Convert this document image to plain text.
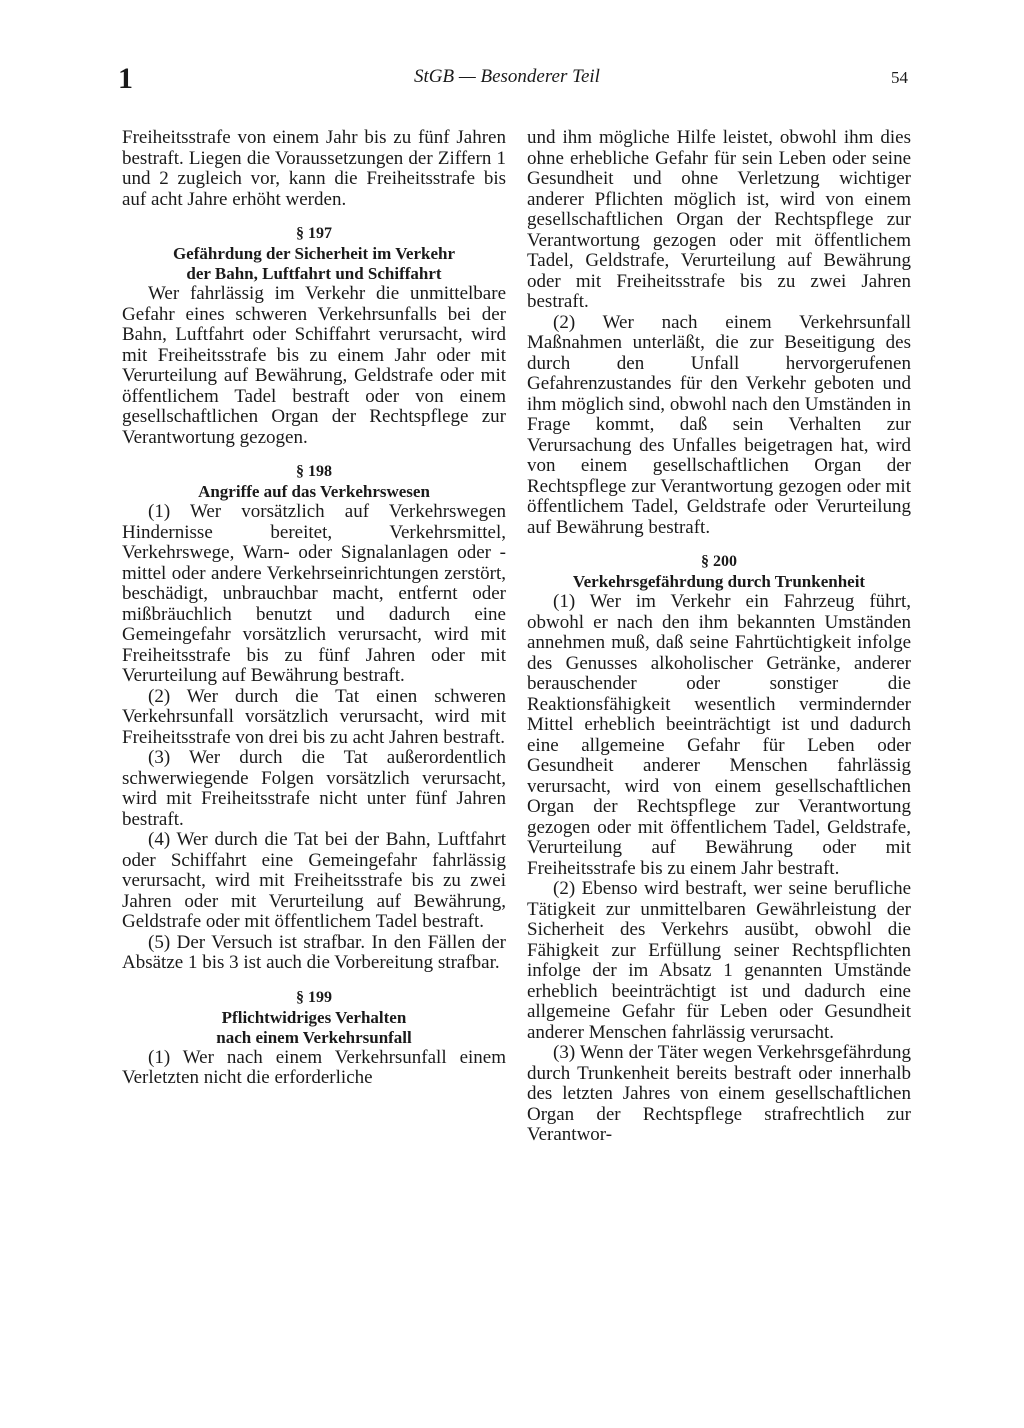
1	StGB — Besonderer Teil	54

Freiheitsstrafe von einem Jahr bis zu fünf Jahren bestraft. Liegen die Voraussetzungen der Ziffern 1 und 2 zugleich vor, kann die Freiheitsstrafe bis auf acht Jahre erhöht werden.

§ 197
Gefährdung der Sicherheit im Verkehr
der Bahn, Luftfahrt und Schiffahrt

Wer fahrlässig im Verkehr die unmittelbare Gefahr eines schweren Verkehrsunfalls bei der Bahn, Luftfahrt oder Schiffahrt verursacht, wird mit Freiheitsstrafe bis zu einem Jahr oder mit Verurteilung auf Bewährung, Geldstrafe oder mit öffentlichem Tadel bestraft oder von einem gesellschaftlichen Organ der Rechtspflege zur Verantwortung gezogen.

§ 198
Angriffe auf das Verkehrswesen

(1) Wer vorsätzlich auf Verkehrswegen Hindernisse bereitet, Verkehrsmittel, Verkehrswege, Warn- oder Signalanlagen oder -mittel oder andere Verkehrseinrichtungen zerstört, beschädigt, unbrauchbar macht, entfernt oder mißbräuchlich benutzt und dadurch eine Gemeingefahr vorsätzlich verursacht, wird mit Freiheitsstrafe bis zu fünf Jahren oder mit Verurteilung auf Bewährung bestraft.

(2) Wer durch die Tat einen schweren Verkehrsunfall vorsätzlich verursacht, wird mit Freiheitsstrafe von drei bis zu acht Jahren bestraft.

(3) Wer durch die Tat außerordentlich schwerwiegende Folgen vorsätzlich verursacht, wird mit Freiheitsstrafe nicht unter fünf Jahren bestraft.

(4) Wer durch die Tat bei der Bahn, Luftfahrt oder Schiffahrt eine Gemeingefahr fahrlässig verursacht, wird mit Freiheitsstrafe bis zu zwei Jahren oder mit Verurteilung auf Bewährung, Geldstrafe oder mit öffentlichem Tadel bestraft.

(5) Der Versuch ist strafbar. In den Fällen der Absätze 1 bis 3 ist auch die Vorbereitung strafbar.

§ 199
Pflichtwidriges Verhalten
nach einem Verkehrsunfall

(1) Wer nach einem Verkehrsunfall einem Verletzten nicht die erforderliche

und ihm mögliche Hilfe leistet, obwohl ihm dies ohne erhebliche Gefahr für sein Leben oder seine Gesundheit und ohne Verletzung wichtiger anderer Pflichten möglich ist, wird von einem gesellschaftlichen Organ der Rechtspflege zur Verantwortung gezogen oder mit öffentlichem Tadel, Geldstrafe, Verurteilung auf Bewährung oder mit Freiheitsstrafe bis zu zwei Jahren bestraft.

(2) Wer nach einem Verkehrsunfall Maßnahmen unterläßt, die zur Beseitigung des durch den Unfall hervorgerufenen Gefahrenzustandes für den Verkehr geboten und ihm möglich sind, obwohl nach den Umständen in Frage kommt, daß sein Verhalten zur Verursachung des Unfalles beigetragen hat, wird von einem gesellschaftlichen Organ der Rechtspflege zur Verantwortung gezogen oder mit öffentlichem Tadel, Geldstrafe oder Verurteilung auf Bewährung bestraft.

§ 200
Verkehrsgefährdung durch Trunkenheit

(1) Wer im Verkehr ein Fahrzeug führt, obwohl er nach den ihm bekannten Umständen annehmen muß, daß seine Fahrtüchtigkeit infolge des Genusses alkoholischer Getränke, anderer berauschender oder sonstiger die Reaktionsfähigkeit wesentlich vermindernder Mittel erheblich beeinträchtigt ist und dadurch eine allgemeine Gefahr für Leben oder Gesundheit anderer Menschen fahrlässig verursacht, wird von einem gesellschaftlichen Organ der Rechtspflege zur Verantwortung gezogen oder mit öffentlichem Tadel, Geldstrafe, Verurteilung auf Bewährung oder mit Freiheitsstrafe bis zu einem Jahr bestraft.

(2) Ebenso wird bestraft, wer seine berufliche Tätigkeit zur unmittelbaren Gewährleistung der Sicherheit des Verkehrs ausübt, obwohl die Fähigkeit zur Erfüllung seiner Rechtspflichten infolge der im Absatz 1 genannten Umstände erheblich beeinträchtigt ist und dadurch eine allgemeine Gefahr für Leben oder Gesundheit anderer Menschen fahrlässig verursacht.

(3) Wenn der Täter wegen Verkehrsgefährdung durch Trunkenheit bereits bestraft oder innerhalb des letzten Jahres von einem gesellschaftlichen Organ der Rechtspflege strafrechtlich zur Verantwor-
